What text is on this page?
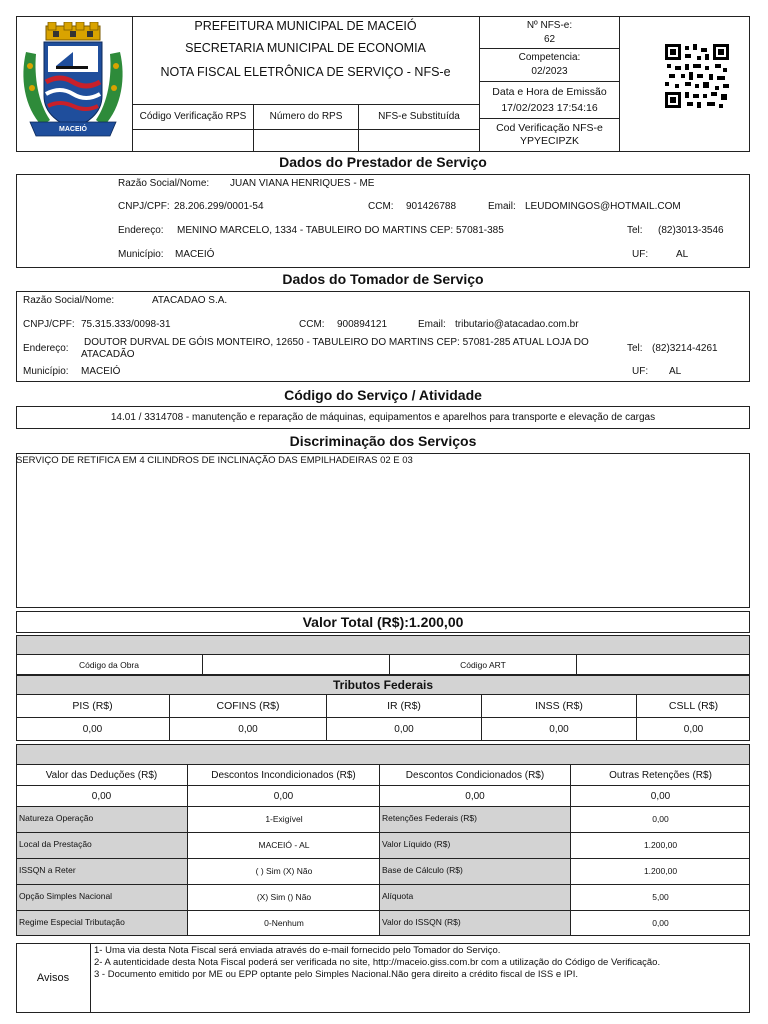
MACEIÓ
PREFEITURA MUNICIPAL DE MACEIÓ
SECRETARIA MUNICIPAL DE ECONOMIA
NOTA FISCAL ELETRÔNICA DE SERVIÇO - NFS-e
Código Verificação RPS	Número do RPS	NFS-e Substituída
Nº NFS-e:
62
Competencia:
02/2023
Data e Hora de Emissão
17/02/2023 17:54:16
Cod Verificação NFS-e
YPYECIPZK
Dados do Prestador de Serviço
Razão Social/Nome: JUAN VIANA HENRIQUES - ME
CNPJ/CPF: 28.206.299/0001-54	CCM: 901426788	Email: LEUDOMINGOS@HOTMAIL.COM
Endereço: MENINO MARCELO, 1334 - TABULEIRO DO MARTINS CEP: 57081-385	Tel: (82)3013-3546
Município: MACEIÓ	UF:	AL
Dados do Tomador de Serviço
Razão Social/Nome:	ATACADAO S.A.
CNPJ/CPF: 75.315.333/0098-31	CCM: 900894121	Email: tributario@atacadao.com.br
Endereço:
DOUTOR DURVAL DE GÓIS MONTEIRO, 12650 - TABULEIRO DO MARTINS CEP: 57081-285 ATUAL LOJA DO
ATACADÃO
Tel: (82)3214-4261
Município: MACEIÓ	UF: AL
Código do Serviço / Atividade
14.01 / 3314708 - manutenção e reparação de máquinas, equipamentos e aparelhos para transporte e elevação de cargas
Discriminação dos Serviços
SERVIÇO DE RETIFICA EM 4 CILINDROS DE INCLINAÇÃO DAS EMPILHADEIRAS 02 E 03
Valor Total (R$):1.200,00
Código da Obra	Código ART
Tributos Federais
PIS (R$)	COFINS (R$)	IR (R$)	INSS (R$)	CSLL (R$)
0,00	0,00	0,00	0,00	0,00
Valor das Deduções (R$)	Descontos Incondicionados (R$)	Descontos Condicionados (R$)	Outras Retenções (R$)
0,00	0,00	0,00	0,00
Natureza Operação	1-Exigível	Retenções Federais (R$)	0,00
Local da Prestação	MACEIÓ - AL	Valor Líquido (R$)	1.200,00
ISSQN a Reter	( ) Sim (X) Não	Base de Cálculo (R$)	1.200,00
Opção Simples Nacional	(X) Sim () Não	Alíquota	5,00
Regime Especial Tributação	0-Nenhum	Valor do ISSQN (R$)	0,00
Avisos
1- Uma via desta Nota Fiscal será enviada através do e-mail fornecido pelo Tomador do Serviço.
2- A autenticidade desta Nota Fiscal poderá ser verificada no site, http://maceio.giss.com.br com a utilização do Código de Verificação.
3 - Documento emitido por ME ou EPP optante pelo Simples Nacional.Não gera direito a crédito fiscal de ISS e IPI.
